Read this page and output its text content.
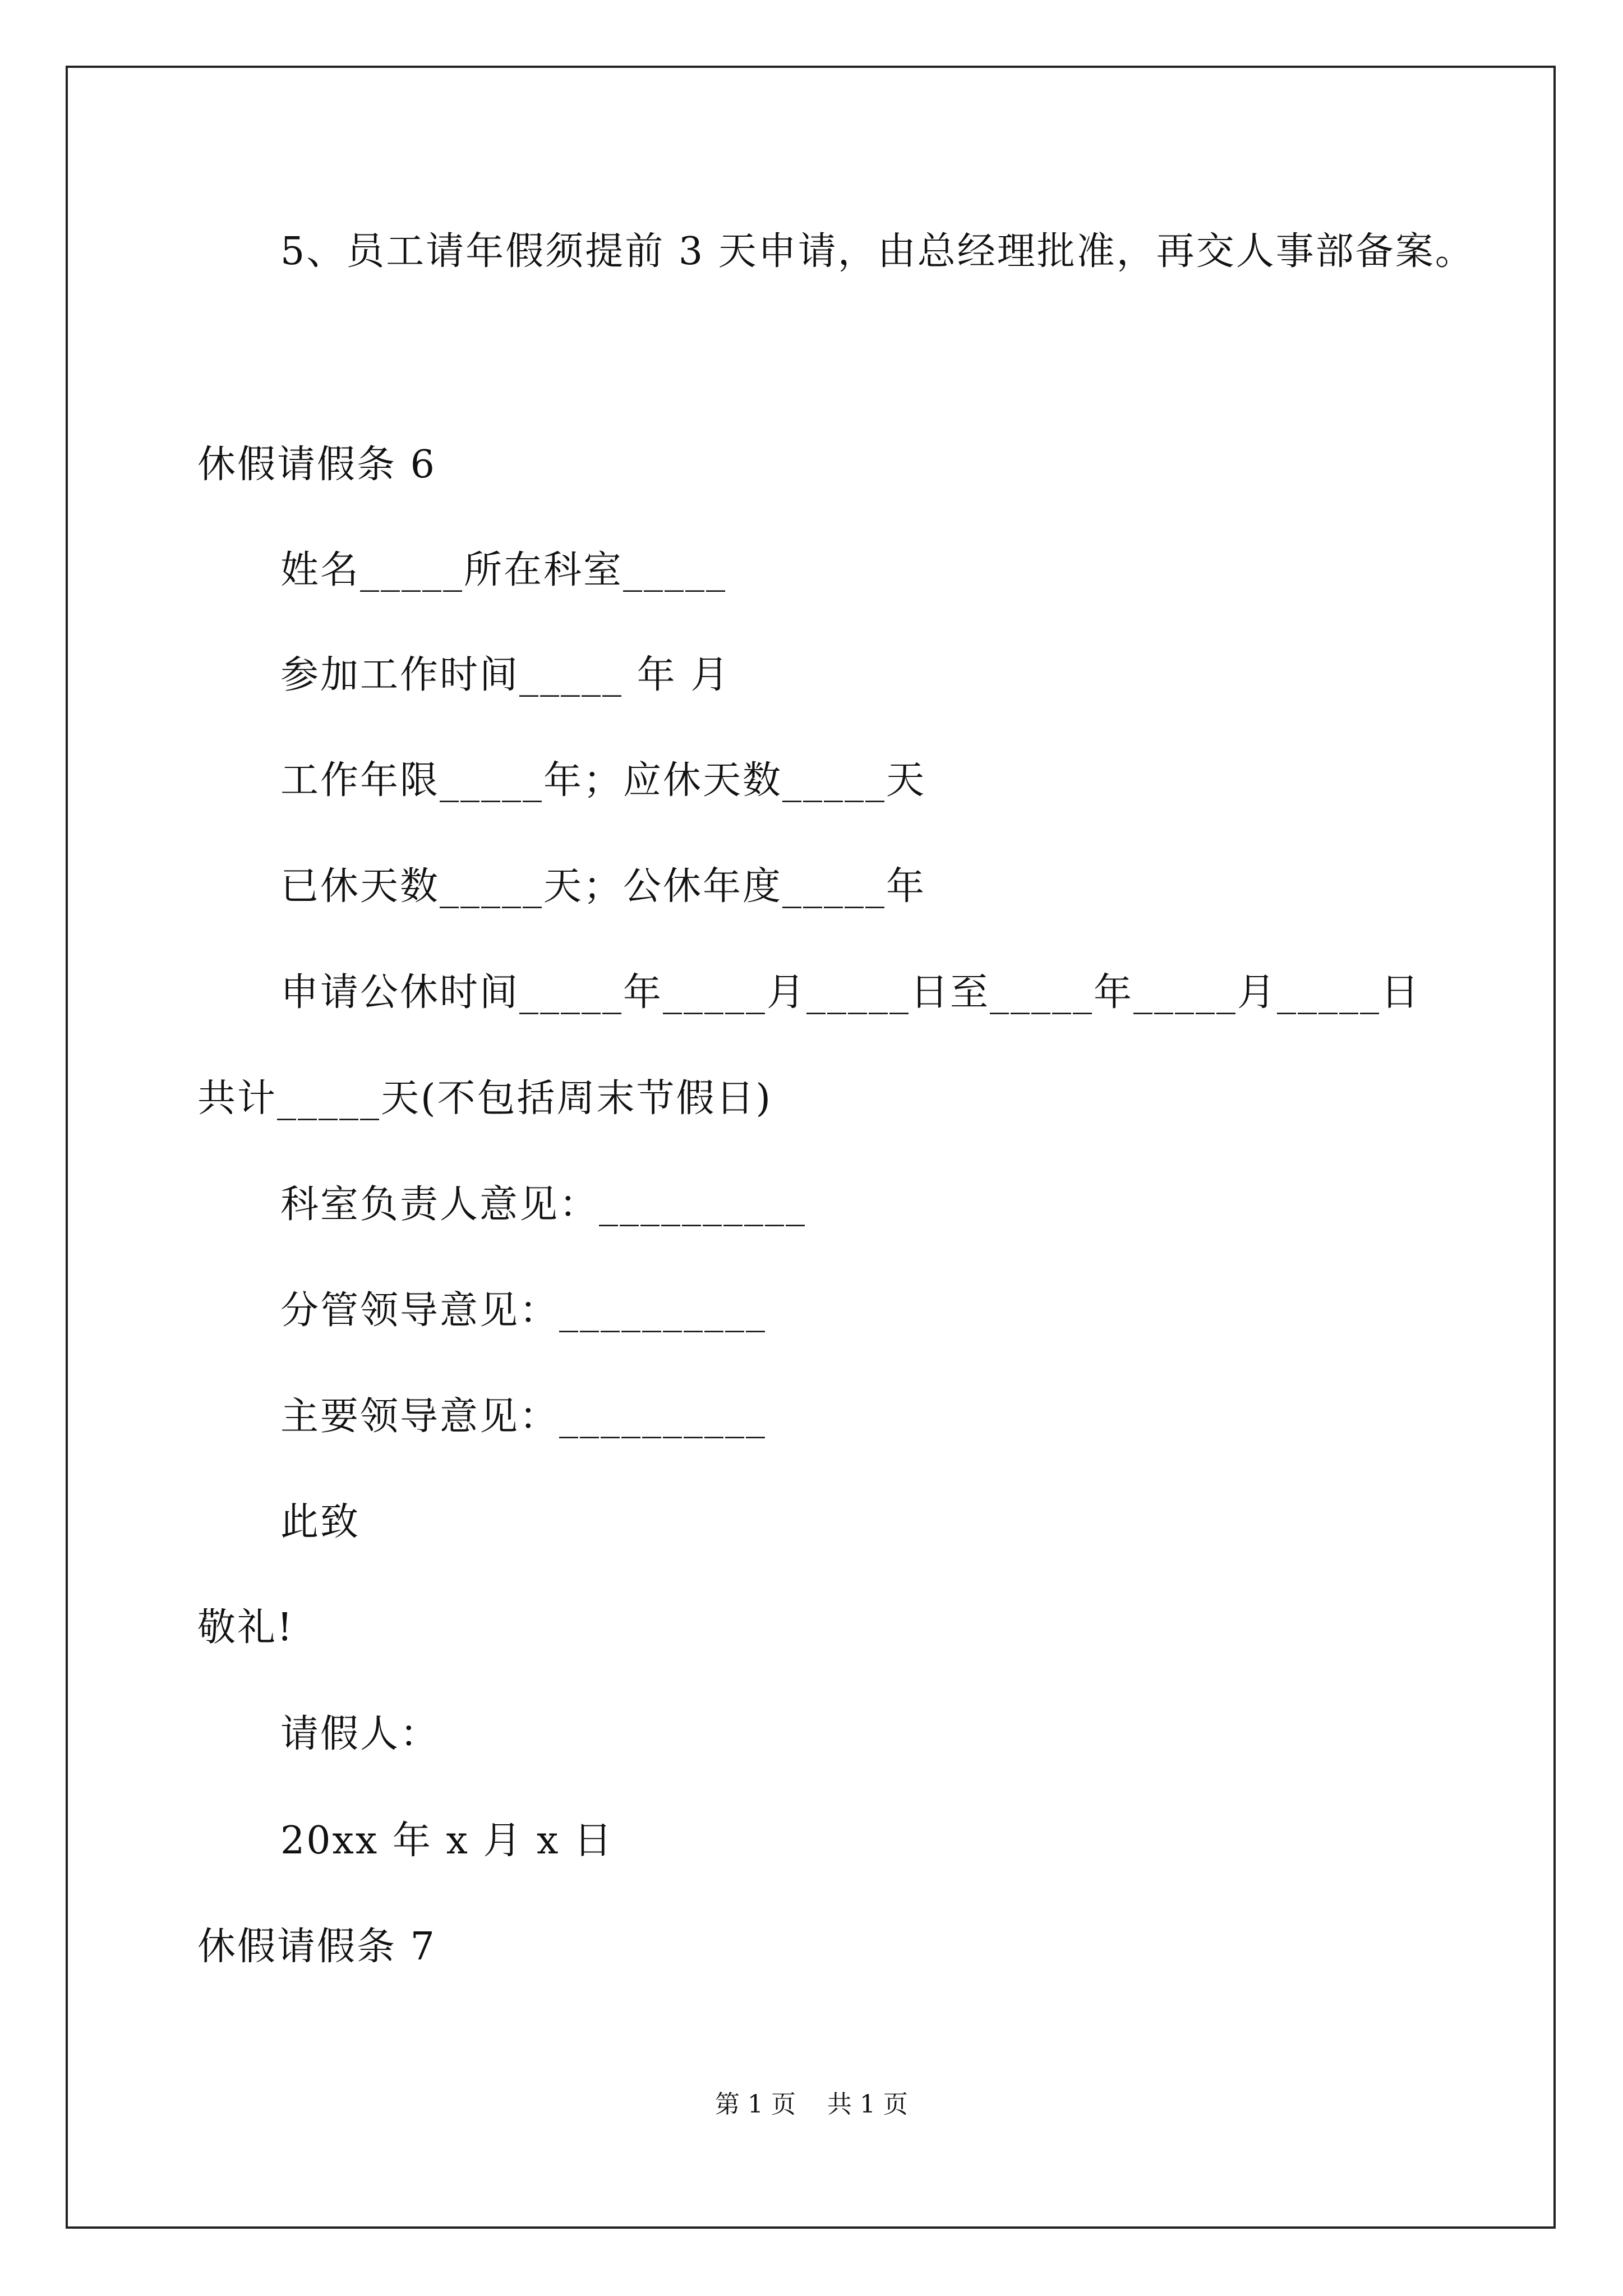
5、员工请年假须提前 3 天申请，由总经理批准，再交人事部备案。
休假请假条 6
姓名_____所在科室_____
参加工作时间_____ 年 月
工作年限_____年；应休天数_____天
已休天数_____天；公休年度_____年
申请公休时间_____年_____月_____日至_____年_____月_____日
共计_____天(不包括周末节假日)
科室负责人意见：__________
分管领导意见：__________
主要领导意见：__________
此致
敬礼!
请假人：
20xx 年 x 月 x 日
休假请假条 7
第 1 页    共 1 页
